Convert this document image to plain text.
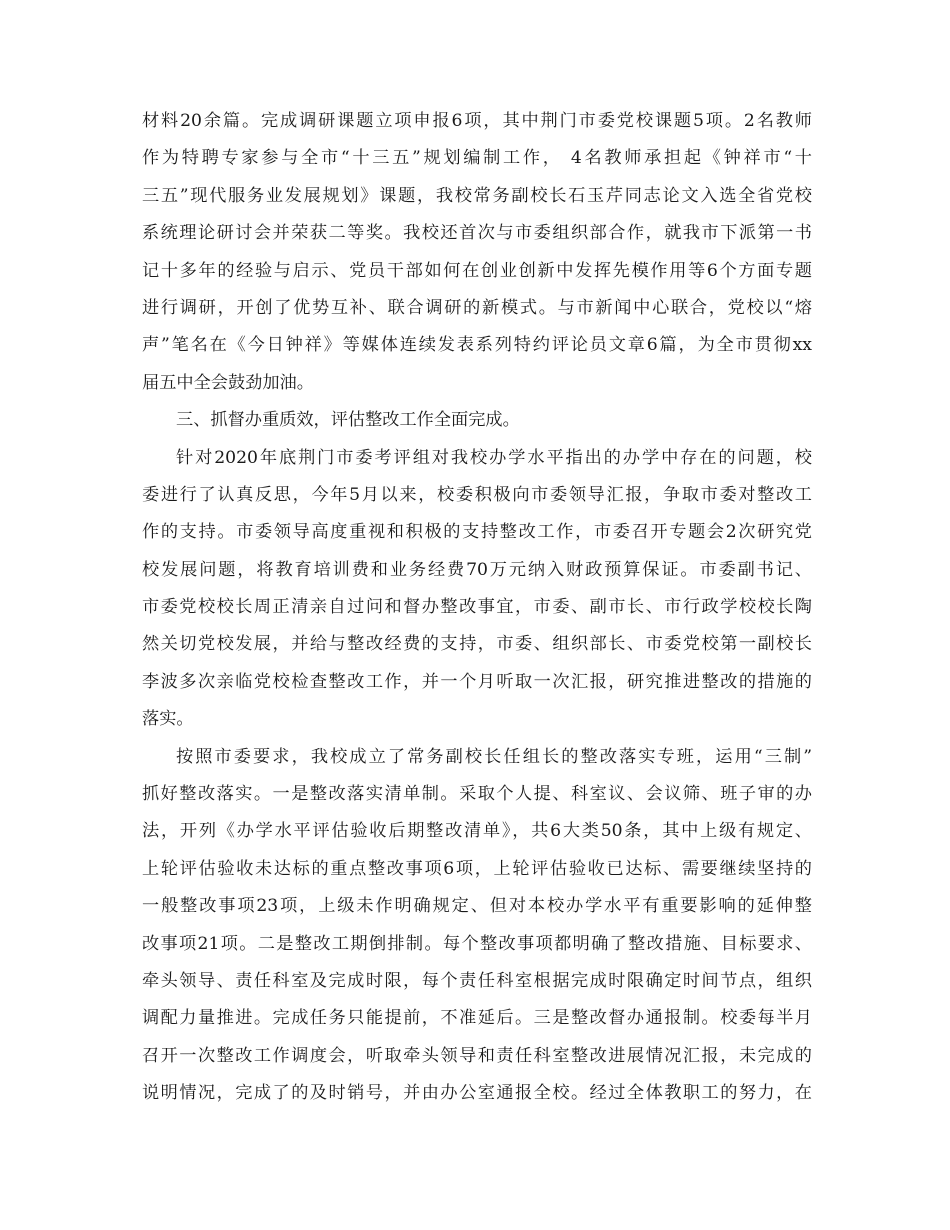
材料20余篇。完成调研课题立项申报6项，其中荆门市委党校课题5项。2名教师
作为特聘专家参与全市“十三五”规划编制工作， 4名教师承担起《钟祥市“十
三五”现代服务业发展规划》课题，我校常务副校长石玉芹同志论文入选全省党校
系统理论研讨会并荣获二等奖。我校还首次与市委组织部合作，就我市下派第一书
记十多年的经验与启示、党员干部如何在创业创新中发挥先模作用等6个方面专题
进行调研，开创了优势互补、联合调研的新模式。与市新闻中心联合，党校以“熔
声”笔名在《今日钟祥》等媒体连续发表系列特约评论员文章6篇，为全市贯彻xx
届五中全会鼓劲加油。
三、抓督办重质效，评估整改工作全面完成。
针对2020年底荆门市委考评组对我校办学水平指出的办学中存在的问题，校
委进行了认真反思，今年5月以来，校委积极向市委领导汇报，争取市委对整改工
作的支持。市委领导高度重视和积极的支持整改工作，市委召开专题会2次研究党
校发展问题，将教育培训费和业务经费70万元纳入财政预算保证。市委副书记、
市委党校校长周正清亲自过问和督办整改事宜，市委、副市长、市行政学校校长陶
然关切党校发展，并给与整改经费的支持，市委、组织部长、市委党校第一副校长
李波多次亲临党校检查整改工作，并一个月听取一次汇报，研究推进整改的措施的
落实。
按照市委要求，我校成立了常务副校长任组长的整改落实专班，运用“三制”
抓好整改落实。一是整改落实清单制。采取个人提、科室议、会议筛、班子审的办
法，开列《办学水平评估验收后期整改清单》，共6大类50条，其中上级有规定、
上轮评估验收未达标的重点整改事项6项，上轮评估验收已达标、需要继续坚持的
一般整改事项23项，上级未作明确规定、但对本校办学水平有重要影响的延伸整
改事项21项。二是整改工期倒排制。每个整改事项都明确了整改措施、目标要求、
牵头领导、责任科室及完成时限，每个责任科室根据完成时限确定时间节点，组织
调配力量推进。完成任务只能提前，不准延后。三是整改督办通报制。校委每半月
召开一次整改工作调度会，听取牵头领导和责任科室整改进展情况汇报，未完成的
说明情况，完成了的及时销号，并由办公室通报全校。经过全体教职工的努力，在
